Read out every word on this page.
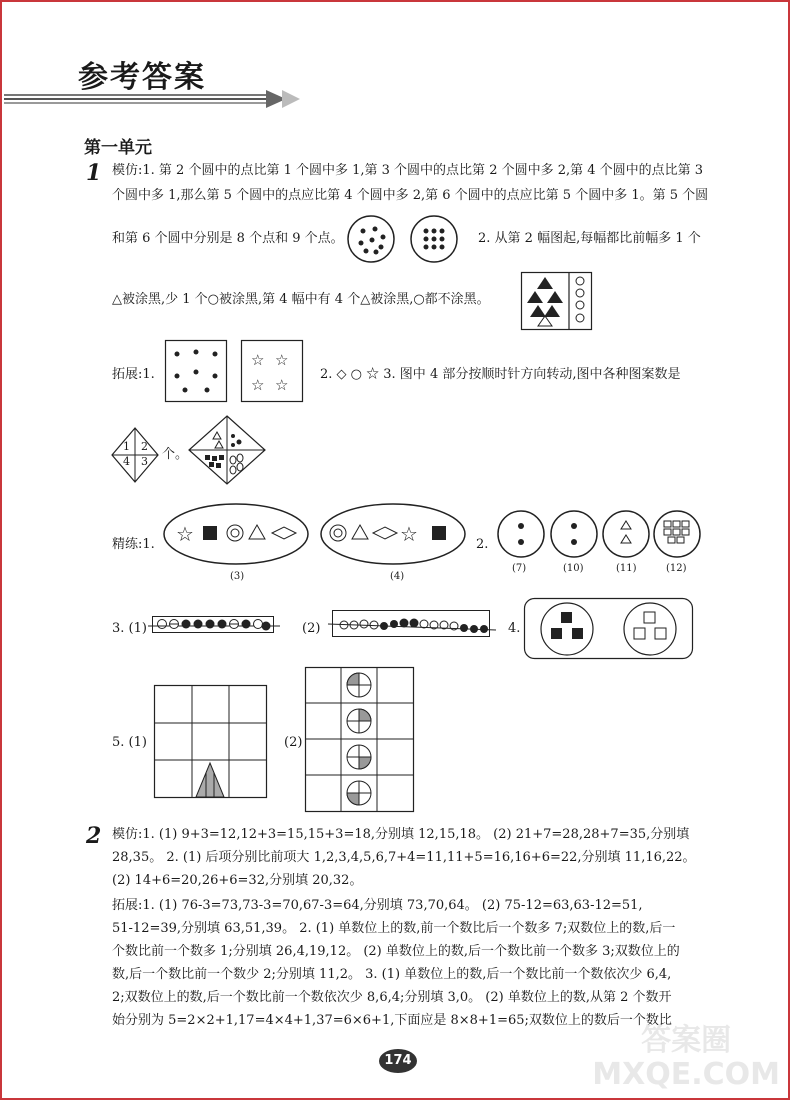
参考答案
第一单元
1 模仿:1. 第 2 个圆中的点比第 1 个圆中多 1,第 3 个圆中的点比第 2 个圆中多 2,第 4 个圆中的点比第 3
个圆中多 1,那么第 5 个圆中的点应比第 4 个圆中多 2,第 6 个圆中的点应比第 5 个圆中多 1。第 5 个圆
和第 6 个圆中分别是 8 个点和 9 个点。	2. 从第 2 幅图起,每幅都比前幅多 1 个
△被涂黑,少 1 个○被涂黑,第 4 幅中有 4 个△被涂黑,○都不涂黑。
拓展:1.
☆ ☆
☆ ☆
2. ◇ ○ ☆ 3. 图中 4 部分按顺时针方向转动,图中各种图案数是
1 2
3
4 个。
精练:1. ☆	☆
(3)	(4)
2.
(7)	(10)	(11)	(12)
3. (1)	(2)	4.
5. (1)	(2)
2 模仿:1. (1) 9+3=12,12+3=15,15+3=18,分别填 12,15,18。 (2) 21+7=28,28+7=35,分别填
28,35。 2. (1) 后项分别比前项大 1,2,3,4,5,6,7+4=11,11+5=16,16+6=22,分别填 11,16,22。
(2) 14+6=20,26+6=32,分别填 20,32。
拓展:1. (1) 76-3=73,73-3=70,67-3=64,分别填 73,70,64。 (2) 75-12=63,63-12=51,
51-12=39,分别填 63,51,39。 2. (1) 单数位上的数,前一个数比后一个数多 7;双数位上的数,后一
个数比前一个数多 1;分别填 26,4,19,12。 (2) 单数位上的数,后一个数比前一个数多 3;双数位上的
数,后一个数比前一个数少 2;分别填 11,2。 3. (1) 单数位上的数,后一个数比前一个数依次少 6,4,
2;双数位上的数,后一个数比前一个数依次少 8,6,4;分别填 3,0。 (2) 单数位上的数,从第 2 个数开
始分别为 5=2×2+1,17=4×4+1,37=6×6+1,下面应是 8×8+1=65;双数位上的数后一个数比
174
答案圈
MXQE.COM
